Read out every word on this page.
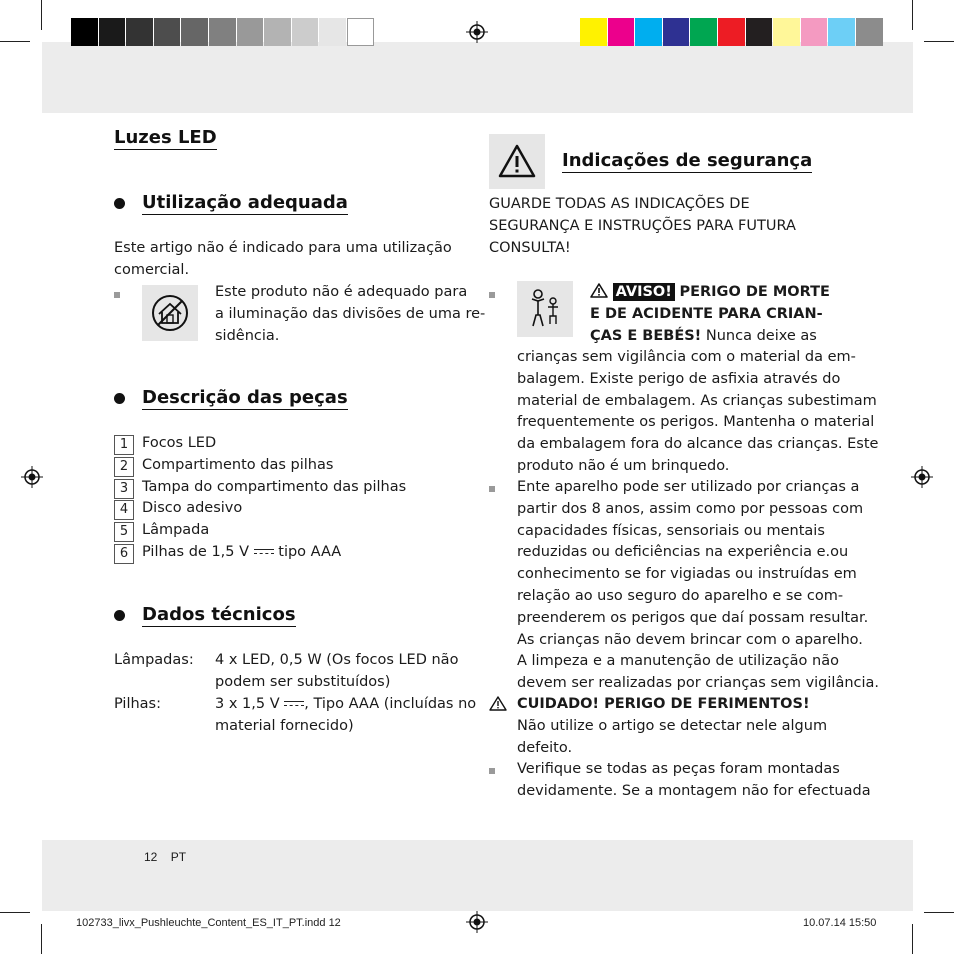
Luzes LED
Utilização adequada
Este artigo não é indicado para uma utilização
comercial.
Este produto não é adequado para
a iluminação das divisões de uma re-
sidência.
Descrição das peças
1
2
3
4
5
6
Focos LED
Compartimento das pilhas
Tampa do compartimento das pilhas
Disco adesivo
Lâmpada
Pilhas de 1,5 V tipo AAA
Dados técnicos
Lâmpadas: 4 x LED, 0,5 W (Os focos LED não
podem ser substituídos)
Pilhas:	3 x 1,5 V , Tipo AAA (incluídas no
material fornecido)
Indicações de segurança
GUARDE TODAS AS INDICAÇÕES DE
SEGURANÇA E INSTRUÇÕES PARA FUTURA
CONSULTA!
AVISO! PERIGO DE MORTE
E DE ACIDENTE PARA CRIAN-
ÇAS E BEBÉS! Nunca deixe as
crianças sem vigilância com o material da em-
balagem. Existe perigo de asfixia através do
material de embalagem. As crianças subestimam
frequentemente os perigos. Mantenha o material
da embalagem fora do alcance das crianças. Este
produto não é um brinquedo.
Ente aparelho pode ser utilizado por crianças a
partir dos 8 anos, assim como por pessoas com
capacidades físicas, sensoriais ou mentais
reduzidas ou deficiências na experiência e.ou
conhecimento se for vigiadas ou instruídas em
relação ao uso seguro do aparelho e se com-
preenderem os perigos que daí possam resultar.
As crianças não devem brincar com o aparelho.
A limpeza e a manutenção de utilização não
devem ser realizadas por crianças sem vigilância.
CUIDADO! PERIGO DE FERIMENTOS!
Não utilize o artigo se detectar nele algum
defeito.
Verifique se todas as peças foram montadas
devidamente. Se a montagem não for efectuada
12 PT
102733_livx_Pushleuchte_Content_ES_IT_PT.indd 12	10.07.14 15:50
